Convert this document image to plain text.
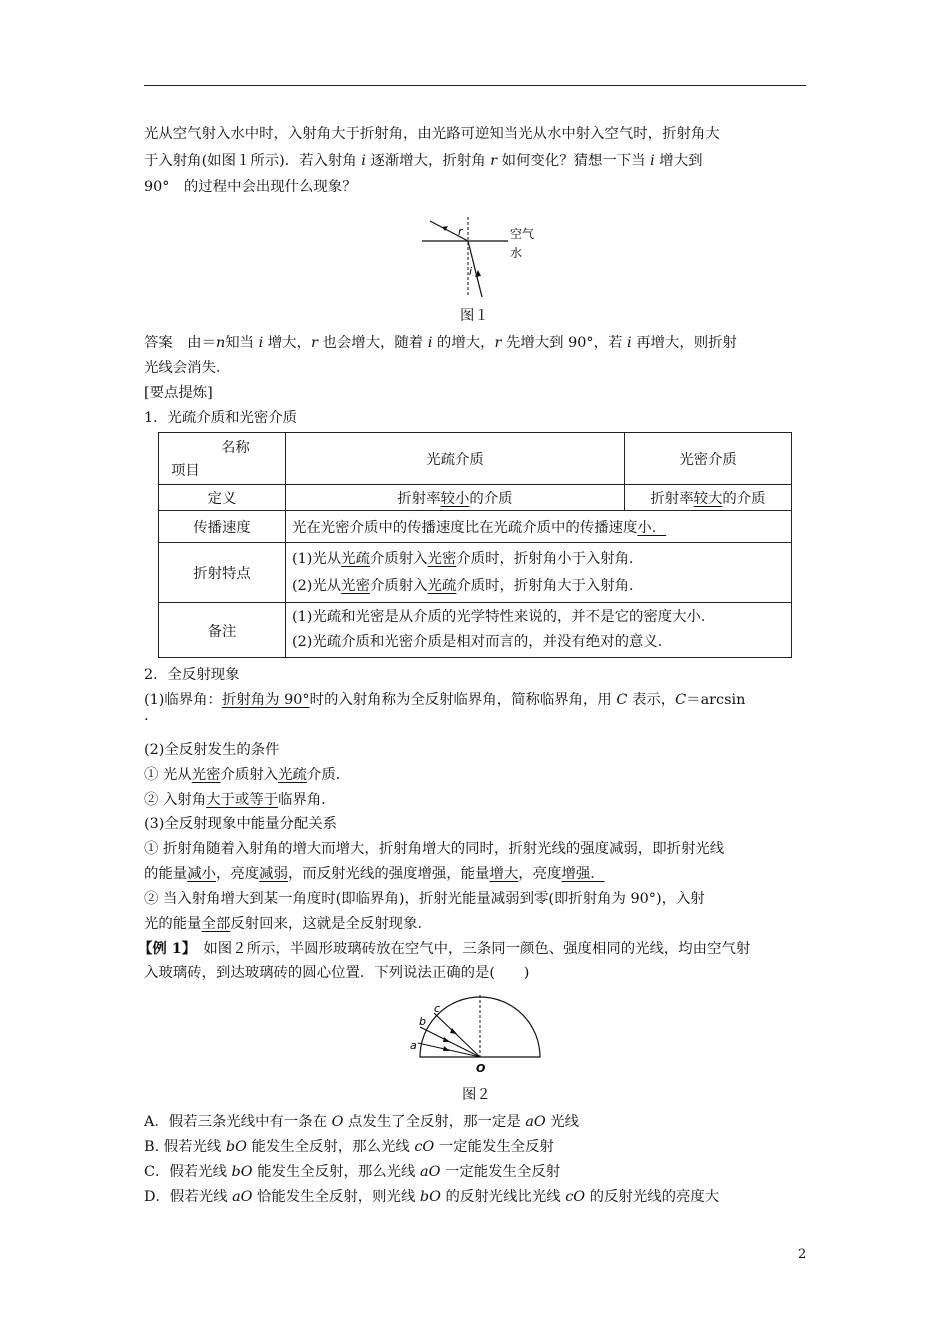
光从空气射入水中时，入射角大于折射角，由光路可逆知当光从水中射入空气时，折射角大
于入射角(如图１所示)．若入射角 i 逐渐增大，折射角 r 如何变化？猜想一下当 i 增大到
90°　的过程中会出现什么现象？
r
i
空气
水
图１
答案　由＝n知当 i 增大，r 也会增大，随着 i 的增大，r 先增大到 90°，若 i 再增大，则折射
光线会消失．
[要点提炼]
1．光疏介质和光密介质
名称
项目	光疏介质	光密介质
定义	折射率较小的介质	折射率较大的介质
传播速度	光在光密介质中的传播速度比在光疏介质中的传播速度小．	
折射特点	(1)光从光疏介质射入光密介质时，折射角小于入射角．
(2)光从光密介质射入光疏介质时，折射角大于入射角．	

备注	(1)光疏和光密是从介质的光学特性来说的，并不是它的密度大小．
(2)光疏介质和光密介质是相对而言的，并没有绝对的意义．	
2．全反射现象
(1)临界角：折射角为 90°时的入射角称为全反射临界角，简称临界角，用 C 表示，C＝arcsin
.
(2)全反射发生的条件
① 光从光密介质射入光疏介质．
② 入射角大于或等于临界角．
(3)全反射现象中能量分配关系
① 折射角随着入射角的增大而增大，折射角增大的同时，折射光线的强度减弱，即折射光线
的能量减小，亮度减弱，而反射光线的强度增强，能量增大，亮度增强．
② 当入射角增大到某一角度时(即临界角)，折射光能量减弱到零(即折射角为 90°)，入射
光的能量全部反射回来，这就是全反射现象．
【例 1】　如图２所示，半圆形玻璃砖放在空气中，三条同一颜色、强度相同的光线，均由空气射
入玻璃砖，到达玻璃砖的圆心位置．下列说法正确的是(　　)
a
b
c
O
图２
A．假若三条光线中有一条在 O 点发生了全反射，那一定是 aO 光线
B. 假若光线 bO 能发生全反射，那么光线 cO 一定能发生全反射
C．假若光线 bO 能发生全反射，那么光线 aO 一定能发生全反射
D．假若光线 aO 恰能发生全反射，则光线 bO 的反射光线比光线 cO 的反射光线的亮度大
2
